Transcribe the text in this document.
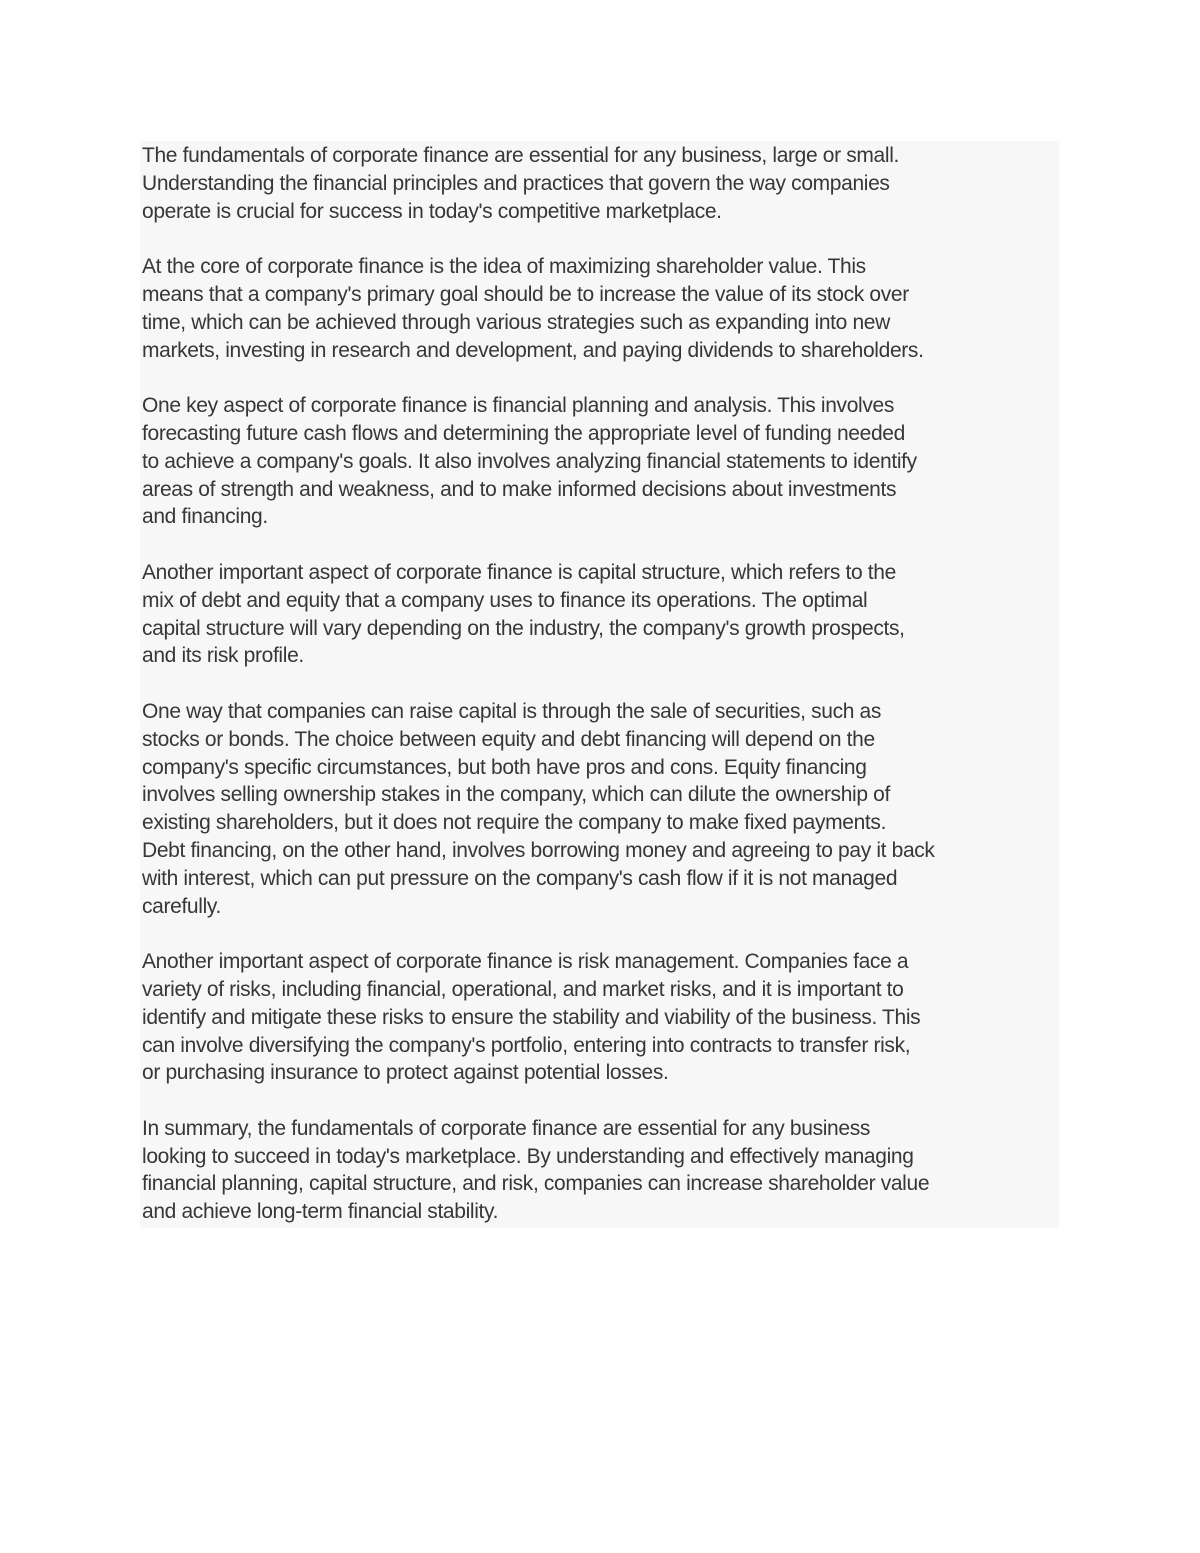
The fundamentals of corporate finance are essential for any business, large or small.
Understanding the financial principles and practices that govern the way companies
operate is crucial for success in today's competitive marketplace.

At the core of corporate finance is the idea of maximizing shareholder value. This
means that a company's primary goal should be to increase the value of its stock over
time, which can be achieved through various strategies such as expanding into new
markets, investing in research and development, and paying dividends to shareholders.

One key aspect of corporate finance is financial planning and analysis. This involves
forecasting future cash flows and determining the appropriate level of funding needed
to achieve a company's goals. It also involves analyzing financial statements to identify
areas of strength and weakness, and to make informed decisions about investments
and financing.

Another important aspect of corporate finance is capital structure, which refers to the
mix of debt and equity that a company uses to finance its operations. The optimal
capital structure will vary depending on the industry, the company's growth prospects,
and its risk profile.

One way that companies can raise capital is through the sale of securities, such as
stocks or bonds. The choice between equity and debt financing will depend on the
company's specific circumstances, but both have pros and cons. Equity financing
involves selling ownership stakes in the company, which can dilute the ownership of
existing shareholders, but it does not require the company to make fixed payments.
Debt financing, on the other hand, involves borrowing money and agreeing to pay it back
with interest, which can put pressure on the company's cash flow if it is not managed
carefully.

Another important aspect of corporate finance is risk management. Companies face a
variety of risks, including financial, operational, and market risks, and it is important to
identify and mitigate these risks to ensure the stability and viability of the business. This
can involve diversifying the company's portfolio, entering into contracts to transfer risk,
or purchasing insurance to protect against potential losses.

In summary, the fundamentals of corporate finance are essential for any business
looking to succeed in today's marketplace. By understanding and effectively managing
financial planning, capital structure, and risk, companies can increase shareholder value
and achieve long-term financial stability.
